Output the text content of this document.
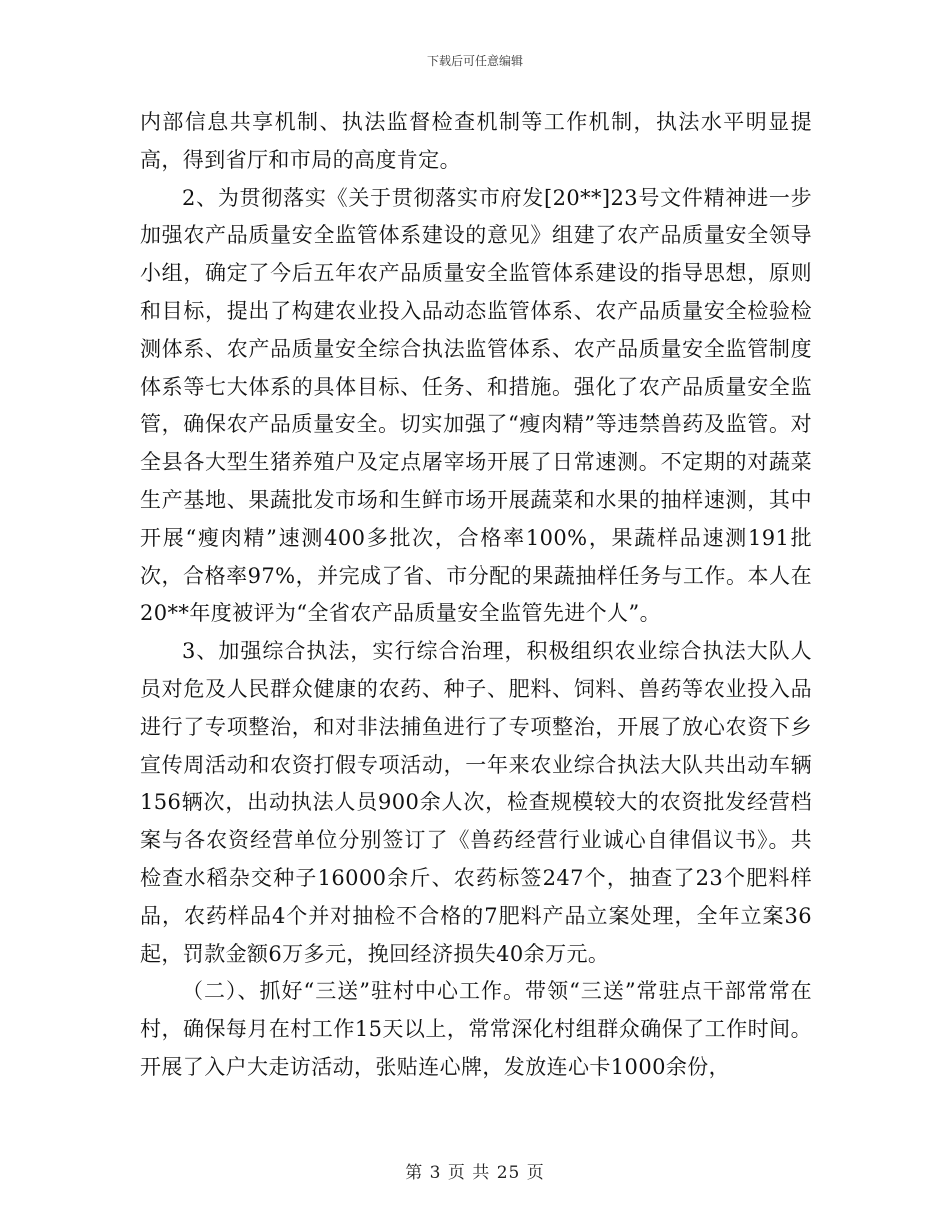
下载后可任意编辑

内部信息共享机制、执法监督检查机制等工作机制，执法水平明显提高，得到省厅和市局的高度肯定。

2、为贯彻落实《关于贯彻落实市府发[20**]23号文件精神进一步加强农产品质量安全监管体系建设的意见》组建了农产品质量安全领导小组，确定了今后五年农产品质量安全监管体系建设的指导思想，原则和目标，提出了构建农业投入品动态监管体系、农产品质量安全检验检测体系、农产品质量安全综合执法监管体系、农产品质量安全监管制度体系等七大体系的具体目标、任务、和措施。强化了农产品质量安全监管，确保农产品质量安全。切实加强了“瘦肉精”等违禁兽药及监管。对全县各大型生猪养殖户及定点屠宰场开展了日常速测。不定期的对蔬菜生产基地、果蔬批发市场和生鲜市场开展蔬菜和水果的抽样速测，其中开展“瘦肉精”速测400多批次，合格率100%，果蔬样品速测191批次，合格率97%，并完成了省、市分配的果蔬抽样任务与工作。本人在20**年度被评为“全省农产品质量安全监管先进个人”。

3、加强综合执法，实行综合治理，积极组织农业综合执法大队人员对危及人民群众健康的农药、种子、肥料、饲料、兽药等农业投入品进行了专项整治，和对非法捕鱼进行了专项整治，开展了放心农资下乡宣传周活动和农资打假专项活动，一年来农业综合执法大队共出动车辆156辆次，出动执法人员900余人次，检查规模较大的农资批发经营档案与各农资经营单位分别签订了《兽药经营行业诚心自律倡议书》。共检查水稻杂交种子16000余斤、农药标签247个，抽查了23个肥料样品，农药样品4个并对抽检不合格的7肥料产品立案处理，全年立案36起，罚款金额6万多元，挽回经济损失40余万元。

（二）、抓好“三送”驻村中心工作。带领“三送”常驻点干部常常在村，确保每月在村工作15天以上，常常深化村组群众确保了工作时间。开展了入户大走访活动，张贴连心牌，发放连心卡1000余份，

第 3 页 共 25 页
